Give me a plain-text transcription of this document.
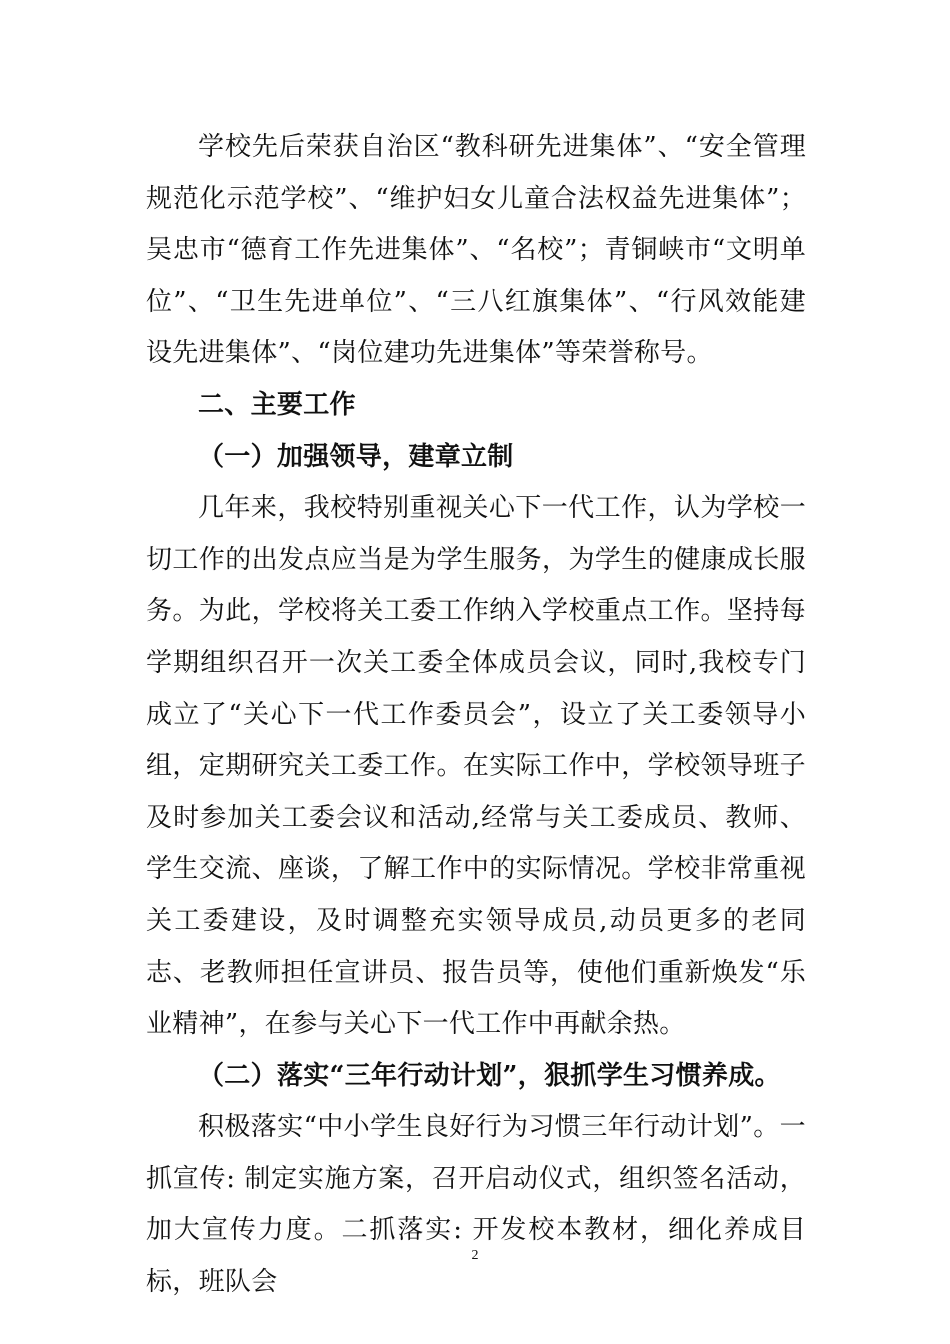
学校先后荣获自治区“教科研先进集体”、“安全管理规范化示范学校”、“维护妇女儿童合法权益先进集体”；吴忠市“德育工作先进集体”、“名校”；青铜峡市“文明单位”、“卫生先进单位”、“三八红旗集体”、“行风效能建设先进集体”、“岗位建功先进集体”等荣誉称号。

二、主要工作

（一）加强领导，建章立制

几年来，我校特别重视关心下一代工作，认为学校一切工作的出发点应当是为学生服务，为学生的健康成长服务。为此，学校将关工委工作纳入学校重点工作。坚持每学期组织召开一次关工委全体成员会议，同时,我校专门成立了“关心下一代工作委员会”，设立了关工委领导小组，定期研究关工委工作。在实际工作中，学校领导班子及时参加关工委会议和活动,经常与关工委成员、教师、学生交流、座谈，了解工作中的实际情况。学校非常重视关工委建设，及时调整充实领导成员,动员更多的老同志、老教师担任宣讲员、报告员等，使他们重新焕发“乐业精神”，在参与关心下一代工作中再献余热。

（二）落实“三年行动计划”，狠抓学生习惯养成。

积极落实“中小学生良好行为习惯三年行动计划”。一抓宣传: 制定实施方案，召开启动仪式，组织签名活动，加大宣传力度。二抓落实: 开发校本教材，细化养成目标，班队会

2
